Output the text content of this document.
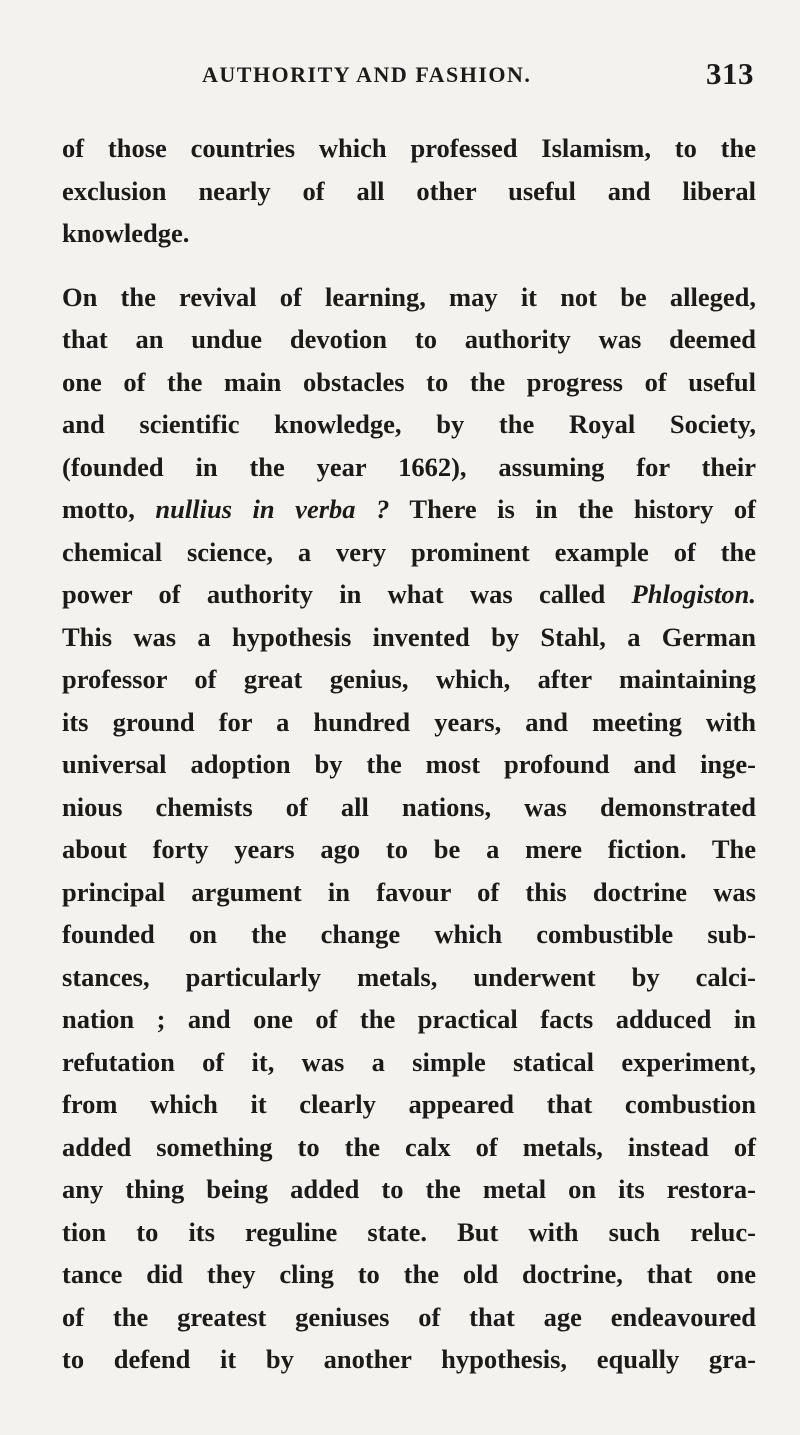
AUTHORITY AND FASHION.	313
of those countries which professed Islamism, to the
exclusion nearly of all other useful and liberal
knowledge.
On the revival of learning, may it not be alleged,
that an undue devotion to authority was deemed
one of the main obstacles to the progress of useful
and scientific knowledge, by the Royal Society,
(founded in the year 1662), assuming for their
motto, nullius in verba ? There is in the history of
chemical science, a very prominent example of the
power of authority in what was called Phlogiston.
This was a hypothesis invented by Stahl, a German
professor of great genius, which, after maintaining
its ground for a hundred years, and meeting with
universal adoption by the most profound and inge-
nious chemists of all nations, was demonstrated
about forty years ago to be a mere fiction. The
principal argument in favour of this doctrine was
founded on the change which combustible sub-
stances, particularly metals, underwent by calci-
nation ; and one of the practical facts adduced in
refutation of it, was a simple statical experiment,
from which it clearly appeared that combustion
added something to the calx of metals, instead of
any thing being added to the metal on its restora-
tion to its reguline state. But with such reluc-
tance did they cling to the old doctrine, that one
of the greatest geniuses of that age endeavoured
to defend it by another hypothesis, equally gra-
